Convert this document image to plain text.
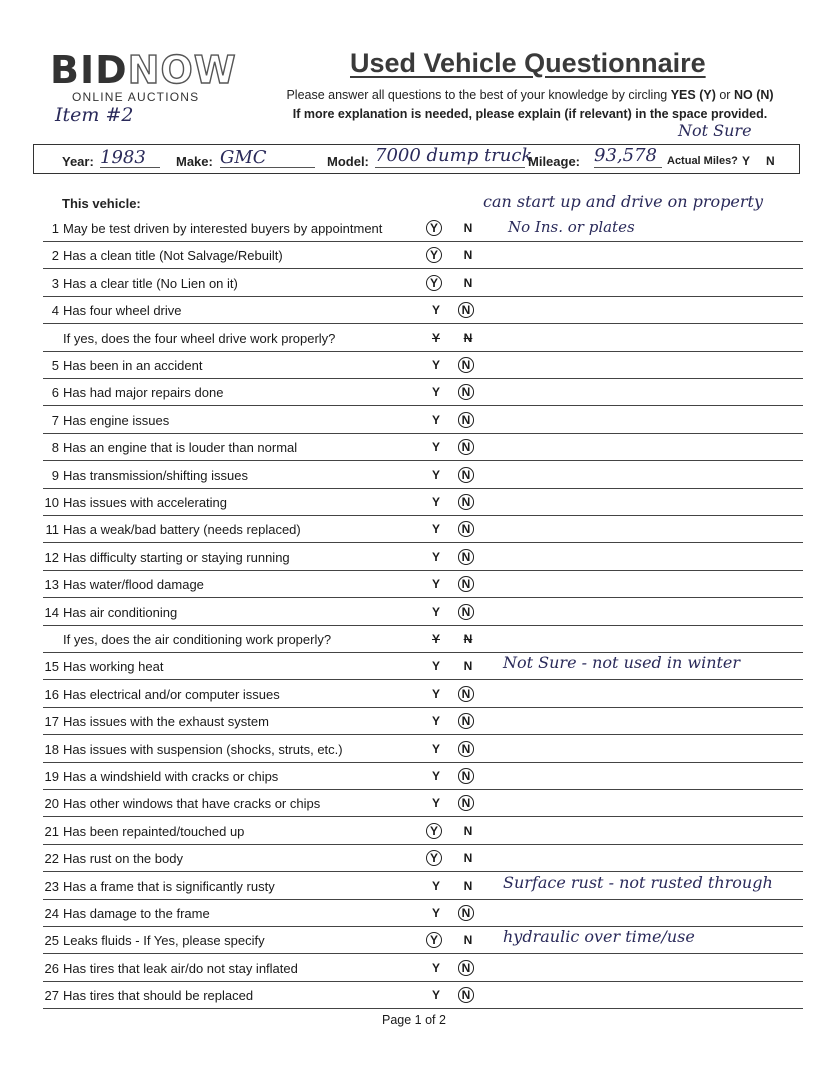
BIDNOW
ONLINE AUCTIONS
Item #2
Used Vehicle Questionnaire
Please answer all questions to the best of your knowledge by circling YES (Y) or NO (N)
If more explanation is needed, please explain (if relevant) in the space provided.
Not Sure
Year: 1983	Make: GMC	Model: 7000 dump truck
Mileage: 93,578 Actual Miles? Y N
This vehicle:
No Ins. or plates
1 May be test driven by interested buyers by appointment	Y	N
can start up and drive on property
2 Has a clean title (Not Salvage/Rebuilt)	Y	N
3 Has a clear title (No Lien on it)	Y	N
4 Has four wheel drive	Y N
If yes, does the four wheel drive work properly?	Y N
5 Has been in an accident	Y N
6 Has had major repairs done	Y N
7 Has engine issues	Y N
8 Has an engine that is louder than normal	Y N
9 Has transmission/shifting issues	Y N
10 Has issues with accelerating	Y N
11 Has a weak/bad battery (needs replaced)	Y N
12 Has difficulty starting or staying running	Y N
13 Has water/flood damage	Y N
14 Has air conditioning	Y N
If yes, does the air conditioning work properly?	Y N
15 Has working heat	Y N Not Sure - not used in winter
16 Has electrical and/or computer issues	Y N
17 Has issues with the exhaust system	Y N
18 Has issues with suspension (shocks, struts, etc.)	Y N
19 Has a windshield with cracks or chips	Y N
20 Has other windows that have cracks or chips	Y N
21 Has been repainted/touched up	Y	N
22 Has rust on the body	Y	N
23 Has a frame that is significantly rusty	Y N Surface rust - not rusted through
24 Has damage to the frame	Y N
25 Leaks fluids - If Yes, please specify	Y	N hydraulic over time/use
26 Has tires that leak air/do not stay inflated	Y N
27 Has tires that should be replaced	Y N
Page 1 of 2
